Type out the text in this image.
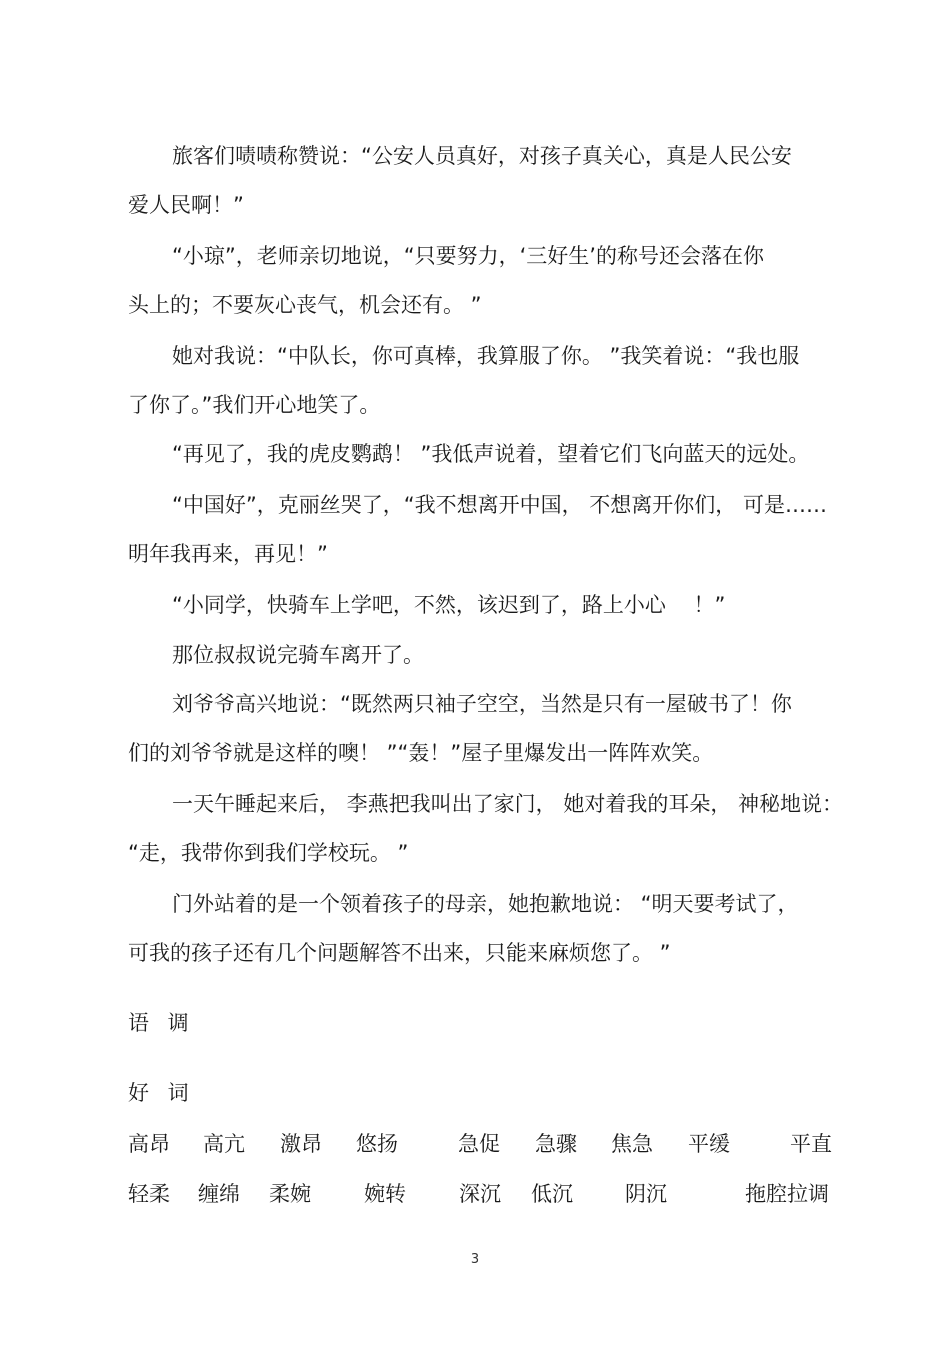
旅客们啧啧称赞说：“公安人员真好，对孩子真关心，真是人民公安
爱人民啊！”
“小琼”，老师亲切地说，“只要努力，‘三好生’的称号还会落在你
头上的；不要灰心丧气，机会还有。 ”
她对我说：“中队长，你可真棒，我算服了你。 ”我笑着说：“我也服
了你了。”我们开心地笑了。
“再见了，我的虎皮鹦鹉！ ”我低声说着，望着它们飞向蓝天的远处。
“中国好”，克丽丝哭了，“我不想离开中国， 不想离开你们， 可是……
明年我再来，再见！”
“小同学，快骑车上学吧，不然，该迟到了，路上小心　 ！”
那位叔叔说完骑车离开了。
刘爷爷高兴地说：“既然两只袖子空空，当然是只有一屋破书了！你
们的刘爷爷就是这样的噢！ ”“轰！”屋子里爆发出一阵阵欢笑。
一天午睡起来后， 李燕把我叫出了家门， 她对着我的耳朵， 神秘地说：
“走，我带你到我们学校玩。 ”
门外站着的是一个领着孩子的母亲，她抱歉地说： “明天要考试了，
可我的孩子还有几个问题解答不出来，只能来麻烦您了。 ”
语 调
好 词
高昂 高亢 激昂 悠扬	急促 急骤 焦急 平缓	平直
轻柔 缠绵 柔婉	婉转	深沉 低沉 阴沉	拖腔拉调
3
